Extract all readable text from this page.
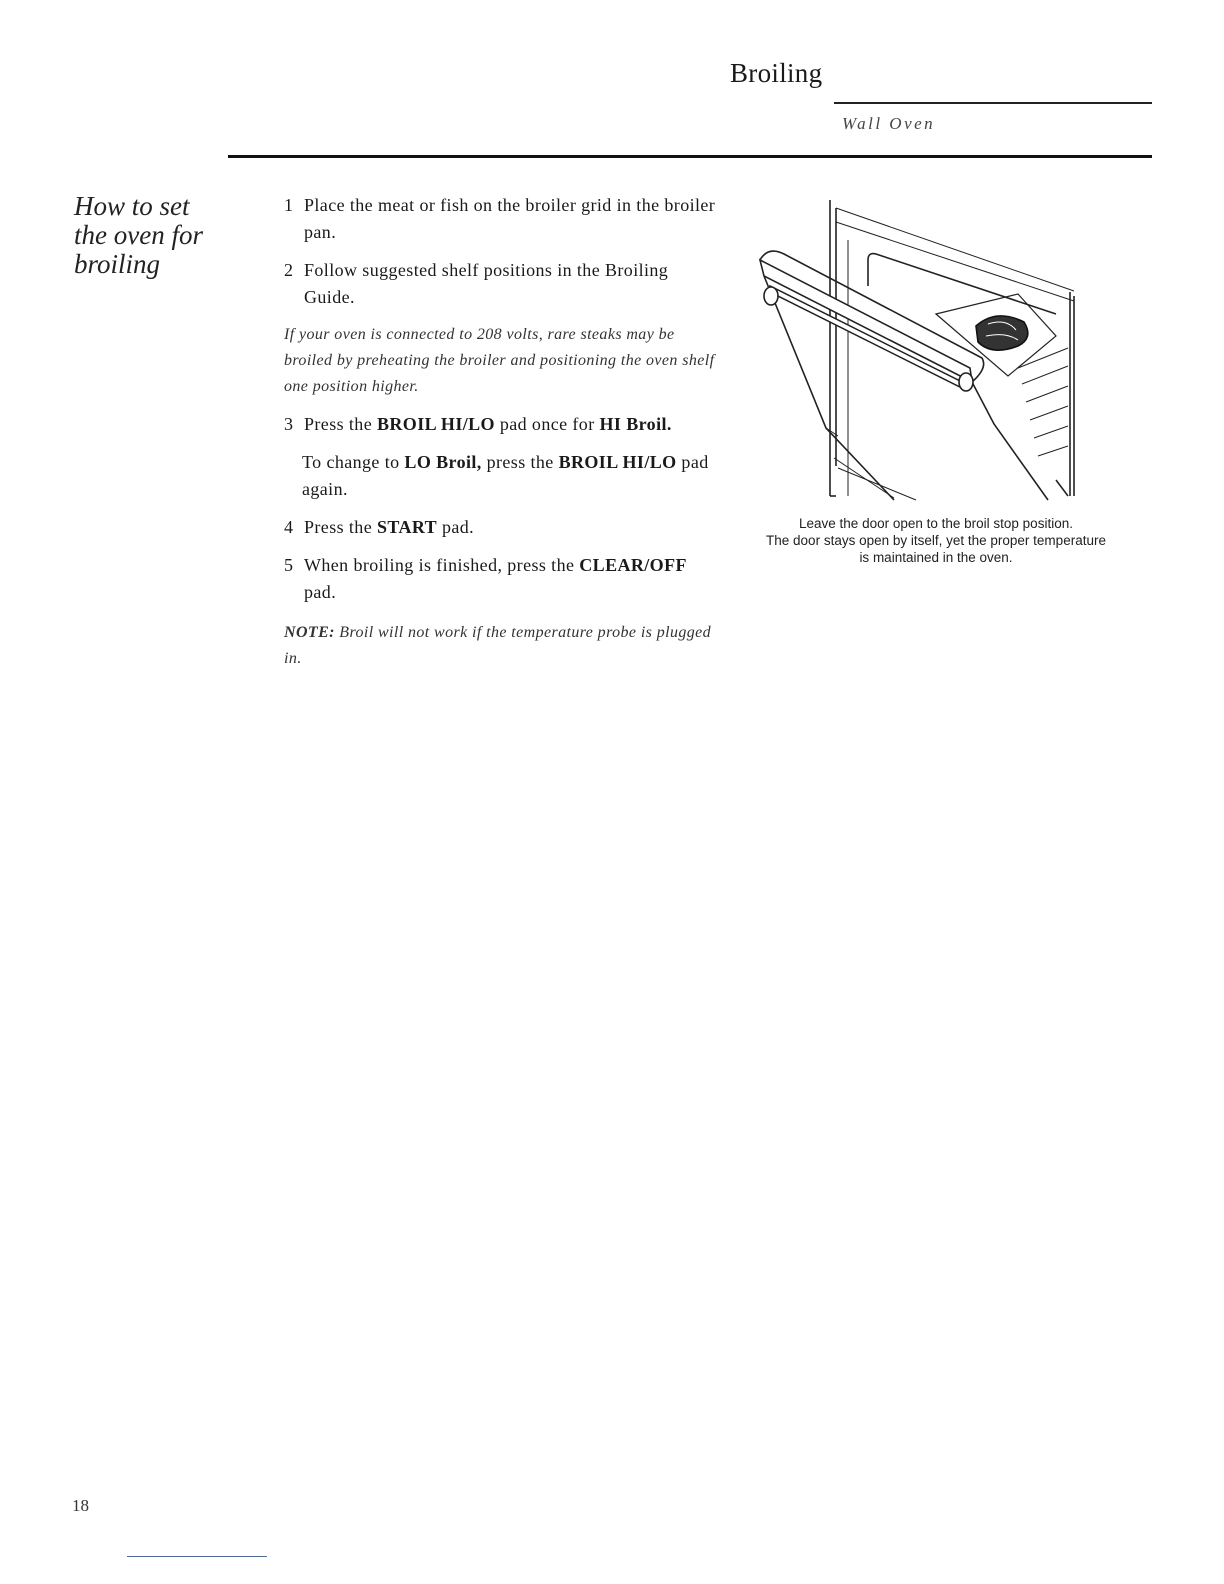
Broiling
Wall Oven
How to set
the oven for
broiling
1 Place the meat or fish on the broiler grid in the broiler pan.
2 Follow suggested shelf positions in the Broiling Guide.

If your oven is connected to 208 volts, rare steaks may be broiled by preheating the broiler and positioning the oven shelf one position higher.

3 Press the BROIL HI/LO pad once for HI Broil.

To change to LO Broil, press the BROIL HI/LO pad again.

4 Press the START pad.
5 When broiling is finished, press the CLEAR/OFF pad.

NOTE: Broil will not work if the temperature probe is plugged in.

Leave the door open to the broil stop position.
The door stays open by itself, yet the proper temperature
is maintained in the oven.
18
